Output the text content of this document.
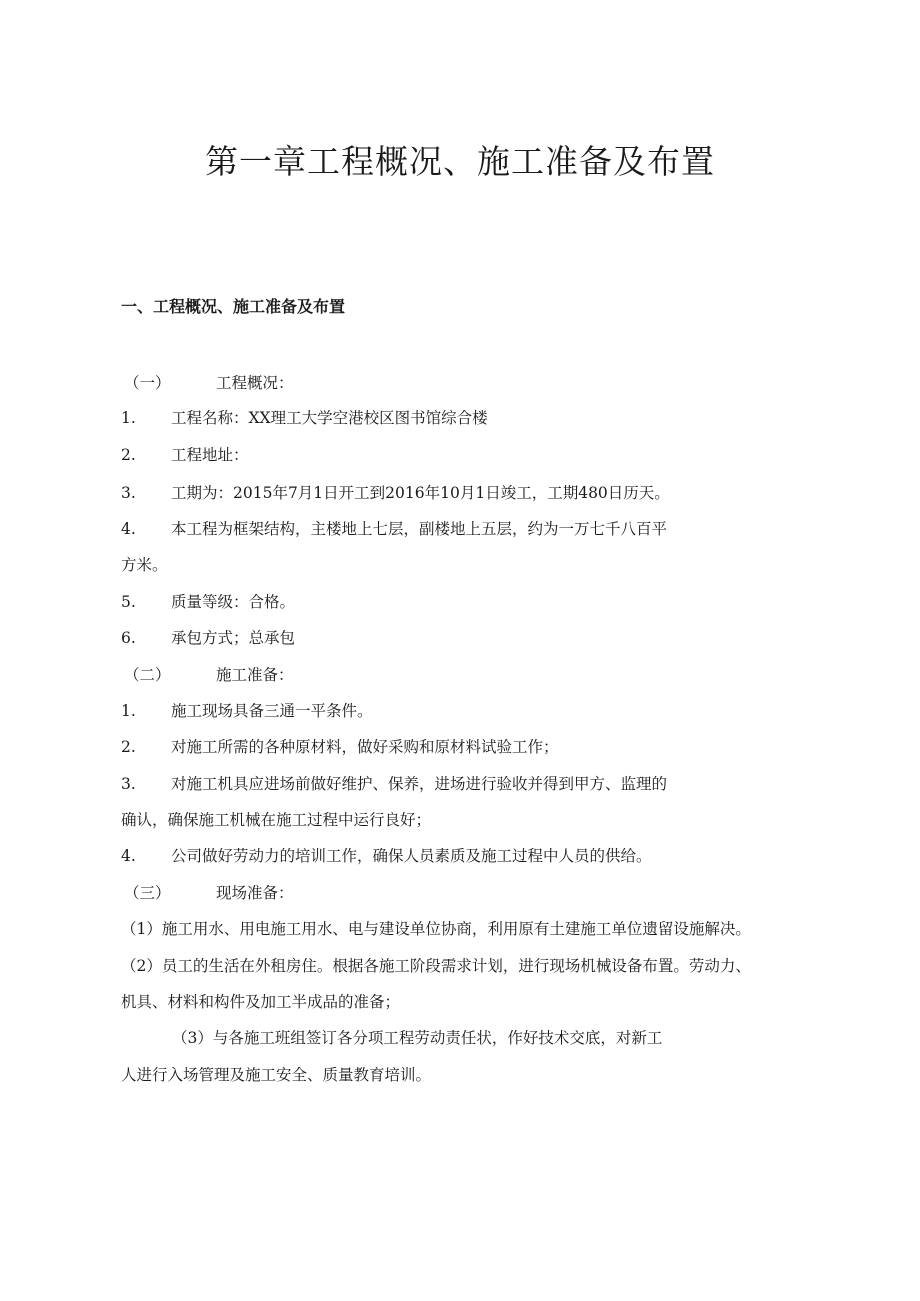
第一章工程概况、施工准备及布置
一、工程概况、施工准备及布置
（一）	工程概况：
1. 工程名称：XX理工大学空港校区图书馆综合楼
2. 工程地址：
3. 工期为：2015年7月1日开工到2016年10月1日竣工，工期480日历天。
4. 本工程为框架结构，主楼地上七层，副楼地上五层，约为一万七千八百平
方米。
5. 质量等级：合格。
6. 承包方式；总承包
（二）	施工准备：
1. 施工现场具备三通一平条件。
2. 对施工所需的各种原材料，做好采购和原材料试验工作；
3. 对施工机具应进场前做好维护、保养，进场进行验收并得到甲方、监理的
确认，确保施工机械在施工过程中运行良好；
4. 公司做好劳动力的培训工作，确保人员素质及施工过程中人员的供给。
（三）	现场准备：
（1）施工用水、用电施工用水、电与建设单位协商，利用原有土建施工单位遗留设施解决。
（2）员工的生活在外租房住。根据各施工阶段需求计划，进行现场机械设备布置。劳动力、
机具、材料和构件及加工半成品的准备；
（3）与各施工班组签订各分项工程劳动责任状，作好技术交底，对新工
人进行入场管理及施工安全、质量教育培训。
